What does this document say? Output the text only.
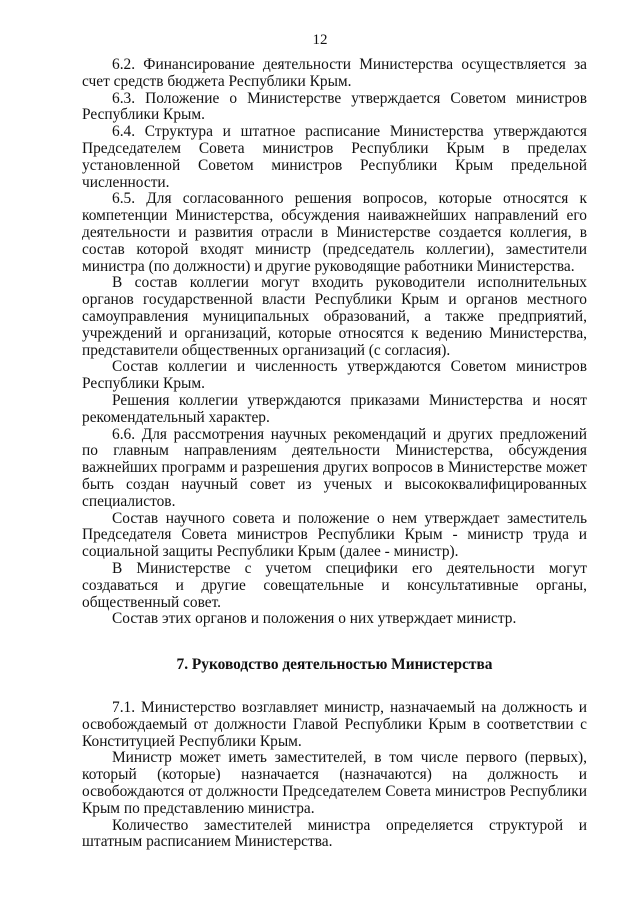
12

6.2. Финансирование деятельности Министерства осуществляется за счет средств бюджета Республики Крым.

6.3. Положение о Министерстве утверждается Советом министров Республики Крым.

6.4. Структура и штатное расписание Министерства утверждаются Председателем Совета министров Республики Крым в пределах установленной Советом министров Республики Крым предельной численности.

6.5. Для согласованного решения вопросов, которые относятся к компетенции Министерства, обсуждения наиважнейших направлений его деятельности и развития отрасли в Министерстве создается коллегия, в состав которой входят министр (председатель коллегии), заместители министра (по должности) и другие руководящие работники Министерства.

В состав коллегии могут входить руководители исполнительных органов государственной власти Республики Крым и органов местного самоуправления муниципальных образований, а также предприятий, учреждений и организаций, которые относятся к ведению Министерства, представители общественных организаций (с согласия).

Состав коллегии и численность утверждаются Советом министров Республики Крым.

Решения коллегии утверждаются приказами Министерства и носят рекомендательный характер.

6.6. Для рассмотрения научных рекомендаций и других предложений по главным направлениям деятельности Министерства, обсуждения важнейших программ и разрешения других вопросов в Министерстве может быть создан научный совет из ученых и высококвалифицированных специалистов.

Состав научного совета и положение о нем утверждает заместитель Председателя Совета министров Республики Крым - министр труда и социальной защиты Республики Крым (далее - министр).

В Министерстве с учетом специфики его деятельности могут создаваться и другие совещательные и консультативные органы, общественный совет.

Состав этих органов и положения о них утверждает министр.

7. Руководство деятельностью Министерства

7.1. Министерство возглавляет министр, назначаемый на должность и освобождаемый от должности Главой Республики Крым в соответствии с Конституцией Республики Крым.

Министр может иметь заместителей, в том числе первого (первых), который (которые) назначается (назначаются) на должность и освобождаются от должности Председателем Совета министров Республики Крым по представлению министра.

Количество заместителей министра определяется структурой и штатным расписанием Министерства.
